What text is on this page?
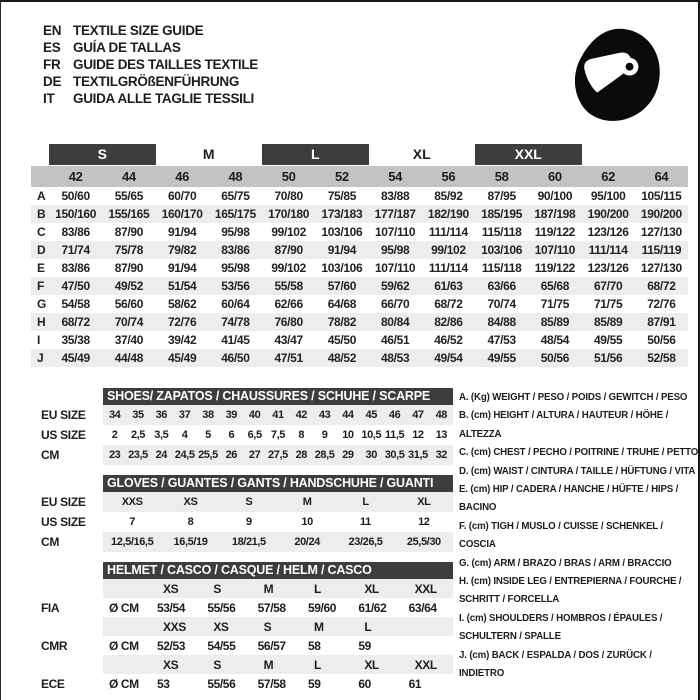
EN TEXTILE SIZE GUIDE
ES GUÍA DE TALLAS
FR GUIDE DES TAILLES TEXTILE
DE TEXTILGRÖßENFÜHRUNG
IT	GUIDA ALLE TAGLIE TESSILI

	S		M		L		XL		XXL			

	42	44	46	48	50	52	54	56	58	60	62	64
A	50/60	55/65	60/70	65/75	70/80	75/85	83/88	85/92	87/95	90/100	95/100	105/115
B	150/160	155/165	160/170	165/175	170/180	173/183	177/187	182/190	185/195	187/198	190/200	190/200
C	83/86	87/90	91/94	95/98	99/102	103/106	107/110	111/114	115/118	119/122	123/126	127/130
D	71/74	75/78	79/82	83/86	87/90	91/94	95/98	99/102	103/106	107/110	111/114	115/119
E	83/86	87/90	91/94	95/98	99/102	103/106	107/110	111/114	115/118	119/122	123/126	127/130
F	47/50	49/52	51/54	53/56	55/58	57/60	59/62	61/63	63/66	65/68	67/70	68/72
G	54/58	56/60	58/62	60/64	62/66	64/68	66/70	68/72	70/74	71/75	71/75	72/76
H	68/72	70/74	72/76	74/78	76/80	78/82	80/84	82/86	84/88	85/89	85/89	87/91
I	35/38	37/40	39/42	41/45	43/47	45/50	46/51	46/52	47/53	48/54	49/55	50/56
J	45/49	44/48	45/49	46/50	47/51	48/52	48/53	49/54	49/55	50/56	51/56	52/58
	SHOES/ ZAPATOS / CHAUSSURES / SCHUHE / SCARPE														
EU SIZE	34	35	36	37	38	39	40	41	42	43	44	45	46	47	48
US SIZE	2	2,5	3,5	4	5	6	6,5	7,5	8	9	10	10,5	11,5	12	13
CM	23	23,5	24	24,5	25,5	26	27	27,5	28	28,5	29	30	30,5	31,5	32
	GLOVES / GUANTES / GANTS / HANDSCHUHE / GUANTI					
EU SIZE	XXS	XS	S	M	L	XL
US SIZE	7	8	9	10	11	12
CM	12,5/16,5	16,5/19	18/21,5	20/24	23/26,5	25,5/30
	HELMET / CASCO / CASQUE / HELM / CASCO						
		XS	S	M	L	XL	XXL
FIA	Ø CM	53/54	55/56	57/58	59/60	61/62	63/64
		XXS	XS	S	M	L	
CMR	Ø CM	52/53	54/55	56/57	58	59	
		XS	S	M	L	XL	XXL
ECE	Ø CM	53	55/56	57/58	59	60	61
A. (Kg) WEIGHT / PESO / POIDS / GEWITCH / PESO
B. (cm) HEIGHT / ALTURA / HAUTEUR / HÖHE / ALTEZZA
C. (cm) CHEST / PECHO / POITRINE / TRUHE / PETTO
D. (cm) WAIST / CINTURA / TAILLE / HÜFTUNG / VITA
E. (cm) HIP / CADERA / HANCHE / HÜFTE / HIPS / BACINO
F. (cm) TIGH / MUSLO / CUISSE / SCHENKEL / COSCIA
G. (cm) ARM / BRAZO / BRAS / ARM / BRACCIO
H. (cm) INSIDE LEG / ENTREPIERNA / FOURCHE / SCHRITT / FORCELLA
I. (cm) SHOULDERS / HOMBROS / ÉPAULES / SCHULTERN / SPALLE
J. (cm) BACK / ESPALDA / DOS / ZURÜCK / INDIETRO
